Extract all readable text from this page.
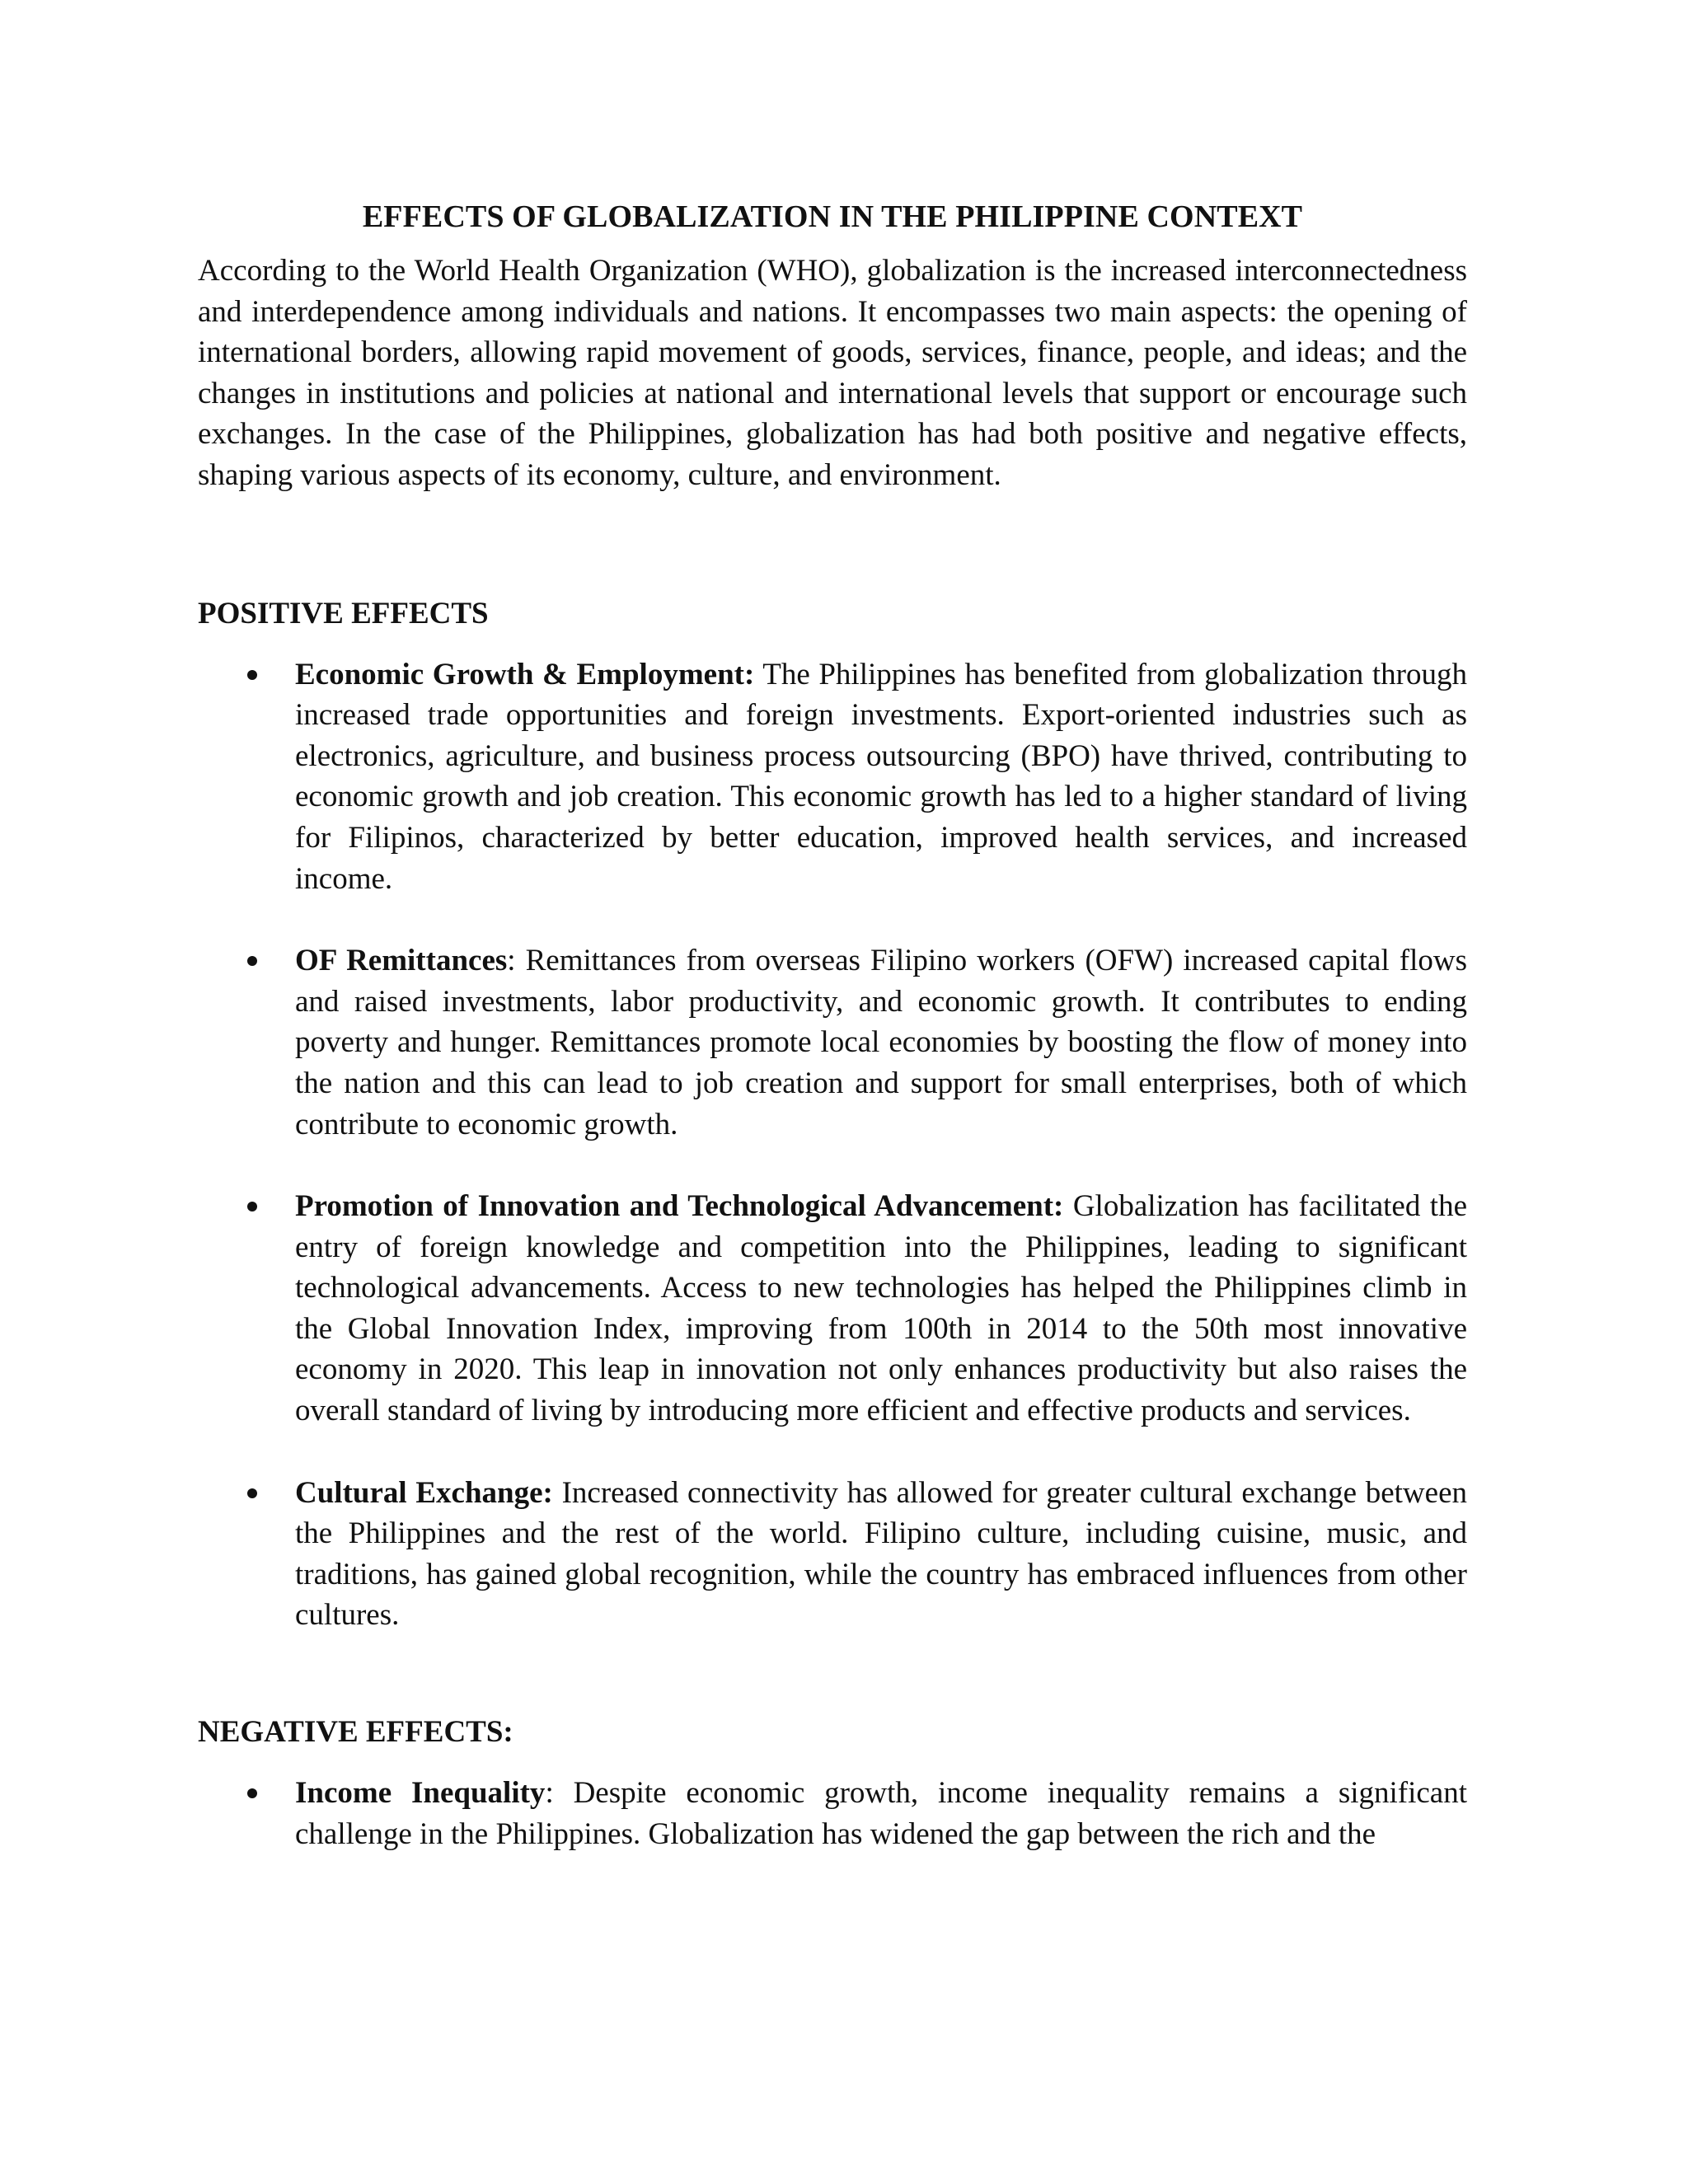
EFFECTS OF GLOBALIZATION IN THE PHILIPPINE CONTEXT

According to the World Health Organization (WHO), globalization is the increased interconnectedness and interdependence among individuals and nations. It encompasses two main aspects: the opening of international borders, allowing rapid movement of goods, services, finance, people, and ideas; and the changes in institutions and policies at national and international levels that support or encourage such exchanges. In the case of the Philippines, globalization has had both positive and negative effects, shaping various aspects of its economy, culture, and environment.

POSITIVE EFFECTS
Economic Growth & Employment: The Philippines has benefited from globalization through increased trade opportunities and foreign investments. Export-oriented industries such as electronics, agriculture, and business process outsourcing (BPO) have thrived, contributing to economic growth and job creation. This economic growth has led to a higher standard of living for Filipinos, characterized by better education, improved health services, and increased income.
OF Remittances: Remittances from overseas Filipino workers (OFW) increased capital flows and raised investments, labor productivity, and economic growth. It contributes to ending poverty and hunger. Remittances promote local economies by boosting the flow of money into the nation and this can lead to job creation and support for small enterprises, both of which contribute to economic growth.
Promotion of Innovation and Technological Advancement: Globalization has facilitated the entry of foreign knowledge and competition into the Philippines, leading to significant technological advancements. Access to new technologies has helped the Philippines climb in the Global Innovation Index, improving from 100th in 2014 to the 50th most innovative economy in 2020. This leap in innovation not only enhances productivity but also raises the overall standard of living by introducing more efficient and effective products and services.
Cultural Exchange: Increased connectivity has allowed for greater cultural exchange between the Philippines and the rest of the world. Filipino culture, including cuisine, music, and traditions, has gained global recognition, while the country has embraced influences from other cultures.
NEGATIVE EFFECTS:
Income Inequality: Despite economic growth, income inequality remains a significant challenge in the Philippines. Globalization has widened the gap between the rich and the
